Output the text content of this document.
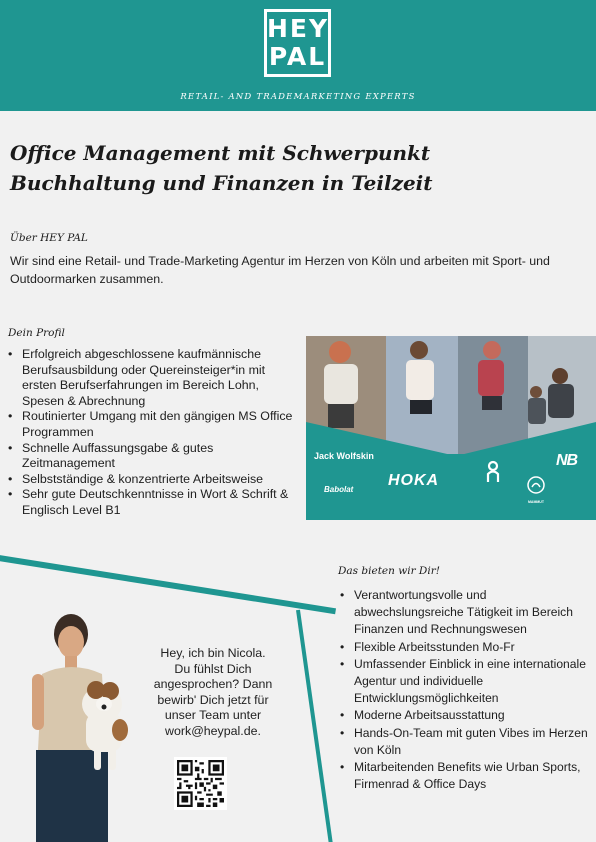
HEY
PAL
RETAIL- AND TRADEMARKETING EXPERTS
Office Management mit Schwerpunkt
Buchhaltung und Finanzen in Teilzeit
Über HEY PAL
Wir sind eine Retail- und Trade-Marketing Agentur im Herzen von Köln und arbeiten mit Sport- und Outdoormarken zusammen.
Dein Profil
• Erfolgreich abgeschlossene kaufmännische Berufsausbildung oder Quereinsteiger*in mit ersten Berufserfahrungen im Bereich Lohn, Spesen & Abrechnung
• Routinierter Umgang mit den gängigen MS Office Programmen
• Schnelle Auffassungsgabe & gutes Zeitmanagement
• Selbstständige & konzentrierte Arbeitsweise
• Sehr gute Deutschkenntnisse in Wort & Schrift & Englisch Level B1
Jack Wolfskin
HOKA
NB
Babolat
MAMMUT
Das bieten wir Dir!
• Verantwortungsvolle und abwechslungsreiche Tätigkeit im Bereich Finanzen und Rechnungswesen
• Flexible Arbeitsstunden Mo-Fr
• Umfassender Einblick in eine internationale Agentur und individuelle Entwicklungsmöglichkeiten
• Moderne Arbeitsausstattung
• Hands-On-Team mit guten Vibes im Herzen von Köln
• Mitarbeitenden Benefits wie Urban Sports, Firmenrad & Office Days
Hey, ich bin Nicola.
Du fühlst Dich
angesprochen? Dann
bewirb' Dich jetzt für
unser Team unter
work@heypal.de.
